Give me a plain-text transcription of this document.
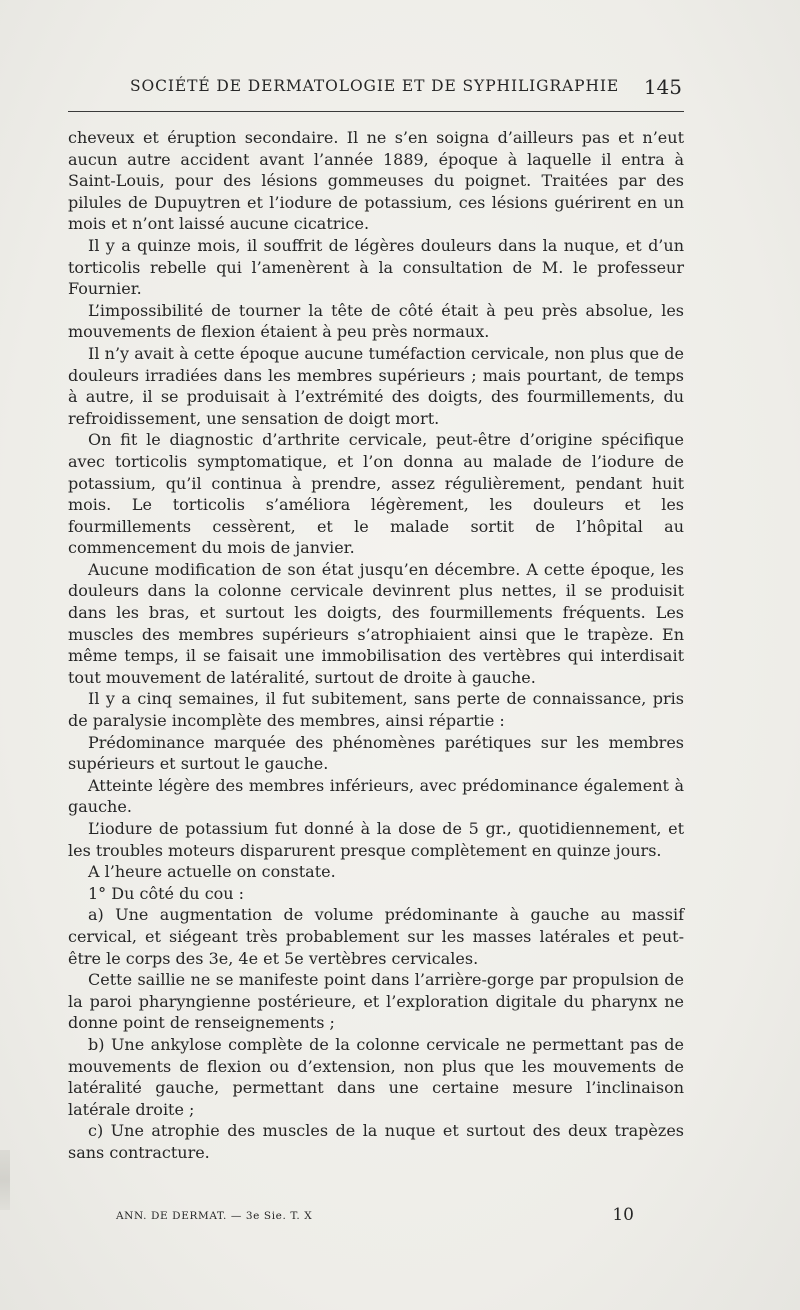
SOCIÉTÉ DE DERMATOLOGIE ET DE SYPHILIGRAPHIE 145

cheveux et éruption secondaire. Il ne s’en soigna d’ailleurs pas et n’eut aucun autre accident avant l’année 1889, époque à laquelle il entra à Saint-Louis, pour des lésions gommeuses du poignet. Traitées par des pilules de Dupuytren et l’iodure de potassium, ces lésions guérirent en un mois et n’ont laissé aucune cicatrice.

Il y a quinze mois, il souffrit de légères douleurs dans la nuque, et d’un torticolis rebelle qui l’amenèrent à la consultation de M. le professeur Fournier.

L’impossibilité de tourner la tête de côté était à peu près absolue, les mouvements de flexion étaient à peu près normaux.

Il n’y avait à cette époque aucune tuméfaction cervicale, non plus que de douleurs irradiées dans les membres supérieurs ; mais pourtant, de temps à autre, il se produisait à l’extrémité des doigts, des fourmillements, du refroidissement, une sensation de doigt mort.

On fit le diagnostic d’arthrite cervicale, peut-être d’origine spécifique avec torticolis symptomatique, et l’on donna au malade de l’iodure de potassium, qu’il continua à prendre, assez régulièrement, pendant huit mois. Le torticolis s’améliora légèrement, les douleurs et les fourmillements cessèrent, et le malade sortit de l’hôpital au commencement du mois de janvier.

Aucune modification de son état jusqu’en décembre. A cette époque, les douleurs dans la colonne cervicale devinrent plus nettes, il se produisit dans les bras, et surtout les doigts, des fourmillements fréquents. Les muscles des membres supérieurs s’atrophiaient ainsi que le trapèze. En même temps, il se faisait une immobilisation des vertèbres qui interdisait tout mouvement de latéralité, surtout de droite à gauche.

Il y a cinq semaines, il fut subitement, sans perte de connaissance, pris de paralysie incomplète des membres, ainsi répartie :

Prédominance marquée des phénomènes parétiques sur les membres supérieurs et surtout le gauche.

Atteinte légère des membres inférieurs, avec prédominance également à gauche.

L’iodure de potassium fut donné à la dose de 5 gr., quotidiennement, et les troubles moteurs disparurent presque complètement en quinze jours.

A l’heure actuelle on constate.

1° Du côté du cou :

a) Une augmentation de volume prédominante à gauche au massif cervical, et siégeant très probablement sur les masses latérales et peut-être le corps des 3e, 4e et 5e vertèbres cervicales.

Cette saillie ne se manifeste point dans l’arrière-gorge par propulsion de la paroi pharyngienne postérieure, et l’exploration digitale du pharynx ne donne point de renseignements ;

b) Une ankylose complète de la colonne cervicale ne permettant pas de mouvements de flexion ou d’extension, non plus que les mouvements de latéralité gauche, permettant dans une certaine mesure l’inclinaison latérale droite ;

c) Une atrophie des muscles de la nuque et surtout des deux trapèzes sans contracture.

ANN. DE DERMAT. — 3e Sie. T. X	10
